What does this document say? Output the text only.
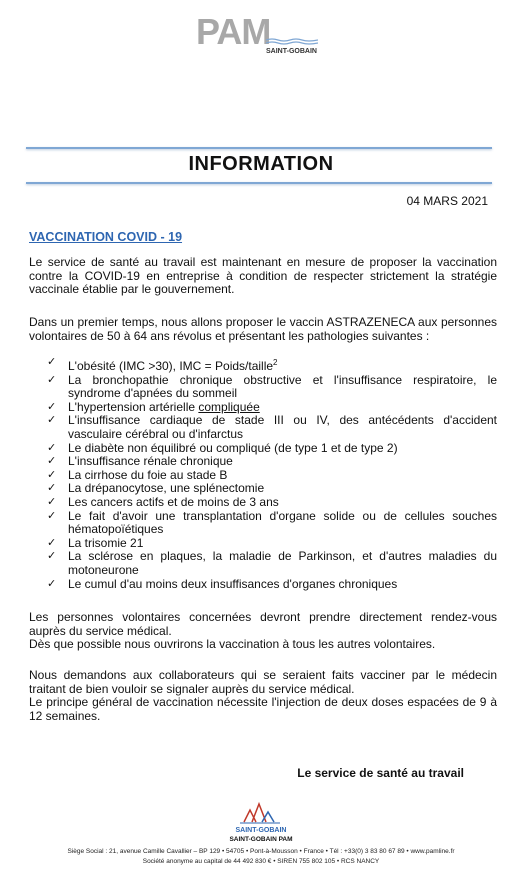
PAM
SAINT-GOBAIN
INFORMATION
04 MARS 2021
VACCINATION COVID - 19
Le service de santé au travail est maintenant en mesure de proposer la vaccination contre la COVID-19 en entreprise à condition de respecter strictement la stratégie vaccinale établie par le gouvernement.
Dans un premier temps, nous allons proposer le vaccin ASTRAZENECA aux personnes volontaires de 50 à 64 ans révolus et présentant les pathologies suivantes :
✓ L'obésité (IMC >30), IMC = Poids/taille$^2$
✓ La bronchopathie chronique obstructive et l'insuffisance respiratoire, le syndrome d'apnées du sommeil
✓ L'hypertension artérielle compliquée
✓ L'insuffisance cardiaque de stade III ou IV, des antécédents d'accident vasculaire cérébral ou d'infarctus
✓ Le diabète non équilibré ou compliqué (de type 1 et de type 2)
✓ L'insuffisance rénale chronique
✓ La cirrhose du foie au stade B
✓ La drépanocytose, une splénectomie
✓ Les cancers actifs et de moins de 3 ans
✓ Le fait d'avoir une transplantation d'organe solide ou de cellules souches hématopoïétiques
✓ La trisomie 21
✓ La sclérose en plaques, la maladie de Parkinson, et d'autres maladies du motoneurone
✓ Le cumul d'au moins deux insuffisances d'organes chroniques
Les personnes volontaires concernées devront prendre directement rendez-vous auprès du service médical.
Dès que possible nous ouvrirons la vaccination à tous les autres volontaires.
Nous demandons aux collaborateurs qui se seraient faits vacciner par le médecin traitant de bien vouloir se signaler auprès du service médical.
Le principe général de vaccination nécessite l'injection de deux doses espacées de 9 à 12 semaines.
Le service de santé au travail
SAINT-GOBAIN
SAINT-GOBAIN PAM
Siège Social : 21, avenue Camille Cavallier – BP 129 • 54705 • Pont-à-Mousson • France • Tél : +33(0) 3 83 80 67 89 • www.pamline.fr
Société anonyme au capital de 44 492 830 € • SIREN 755 802 105 • RCS NANCY
